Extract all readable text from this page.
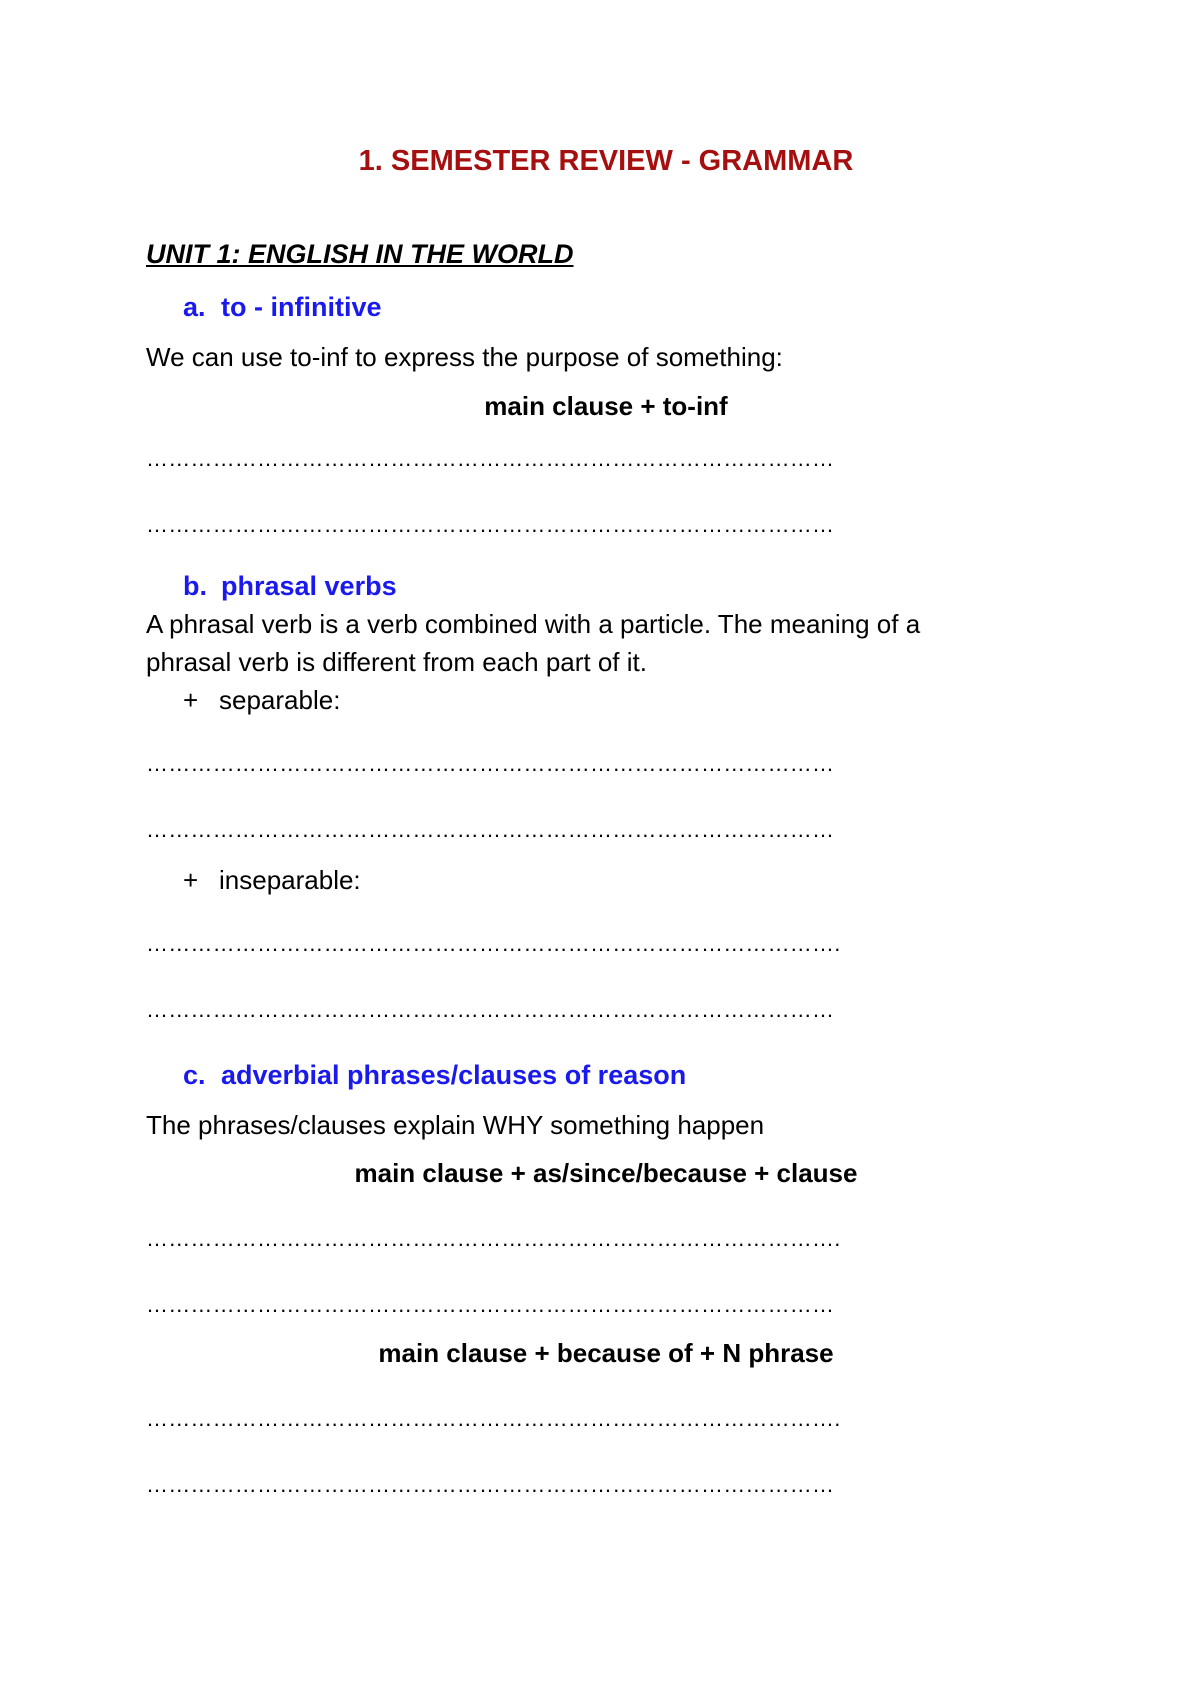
1. SEMESTER REVIEW - GRAMMAR
UNIT 1: ENGLISH IN THE WORLD
a. to - infinitive
We can use to-inf to express the purpose of something:
main clause + to-inf
…………………………………………………………………………………
…………………………………………………………………………………
b. phrasal verbs
A phrasal verb is a verb combined with a particle. The meaning of a
phrasal verb is different from each part of it.
+ separable:
…………………………………………………………………………………
…………………………………………………………………………………
+ inseparable:
………………………………………………………………………………….
…………………………………………………………………………………
c. adverbial phrases/clauses of reason
The phrases/clauses explain WHY something happen
main clause + as/since/because + clause
………………………………………………………………………………….
…………………………………………………………………………………
main clause + because of + N phrase
………………………………………………………………………………….
…………………………………………………………………………………
